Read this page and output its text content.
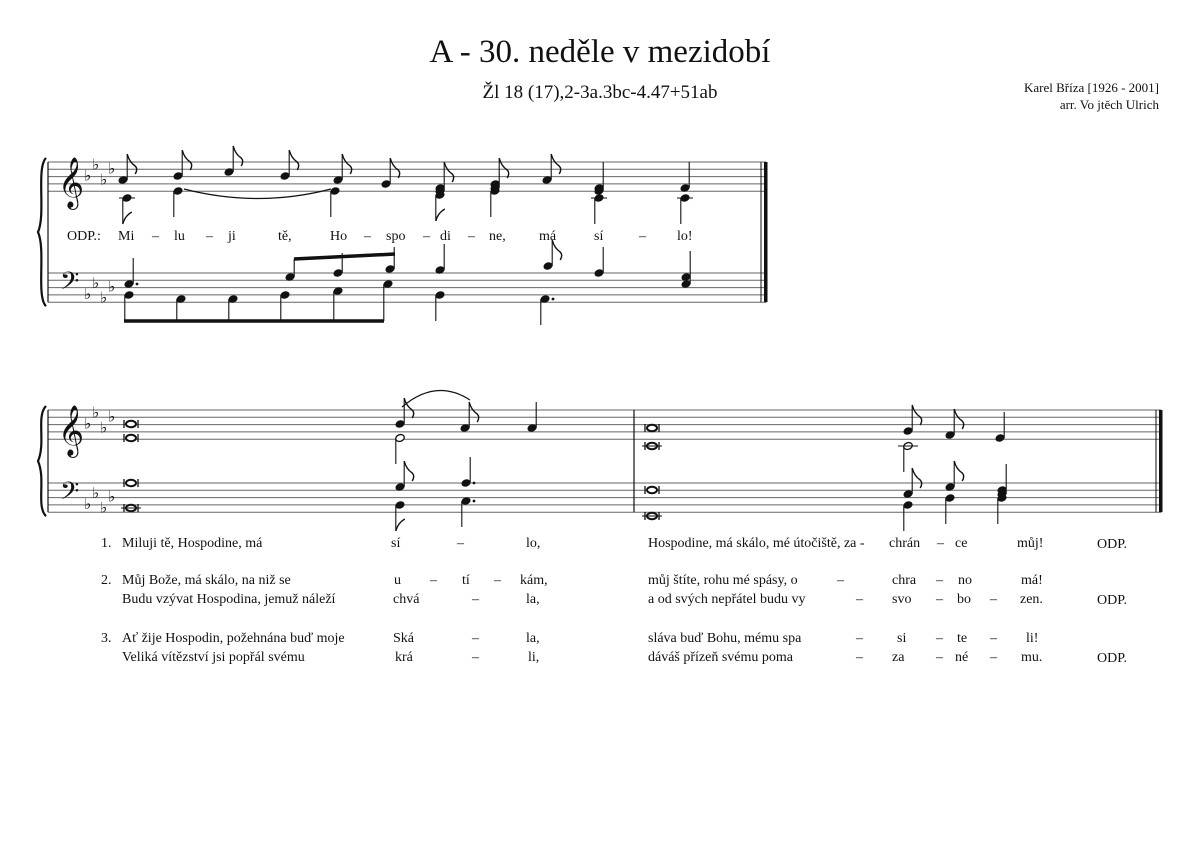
A - 30. neděle v mezidobí
Žl 18 (17),2-3a.3bc-4.47+51ab	Karel Bříza [1926 - 2001]
arr. Vo jtěch Ulrich
𝄞
𝄢
♭
♭
♭
♭
♭
♭
♭
♭
𝄞
𝄢
♭
♭
♭
♭
♭
♭
♭
♭
ODP.: Mi – lu – ji	tě,	Ho – spo – di – ne, má	sí	– lo!
1. Miluji tě, Hospodine, má	sí	–	lo,	Hospodine, má skálo, mé útočiště, za - chrán – ce	můj!	ODP.
2. Můj Bože, má skálo, na niž se	u – tí – kám,	můj štíte, rohu mé spásy, o	–	chra – no	má!
Budu vzývat Hospodina, jemuž náleží	chvá	–	la,	a od svých nepřátel budu vy	– svo – bo – zen.	ODP.
3. Ať žije Hospodin, požehnána buď moje	Ská	–	la,	sláva buď Bohu, mému spa	– si – te – li!
Veliká vítězství jsi popřál svému	krá	–	li,	dáváš přízeň svému poma	– za – né – mu.	ODP.
